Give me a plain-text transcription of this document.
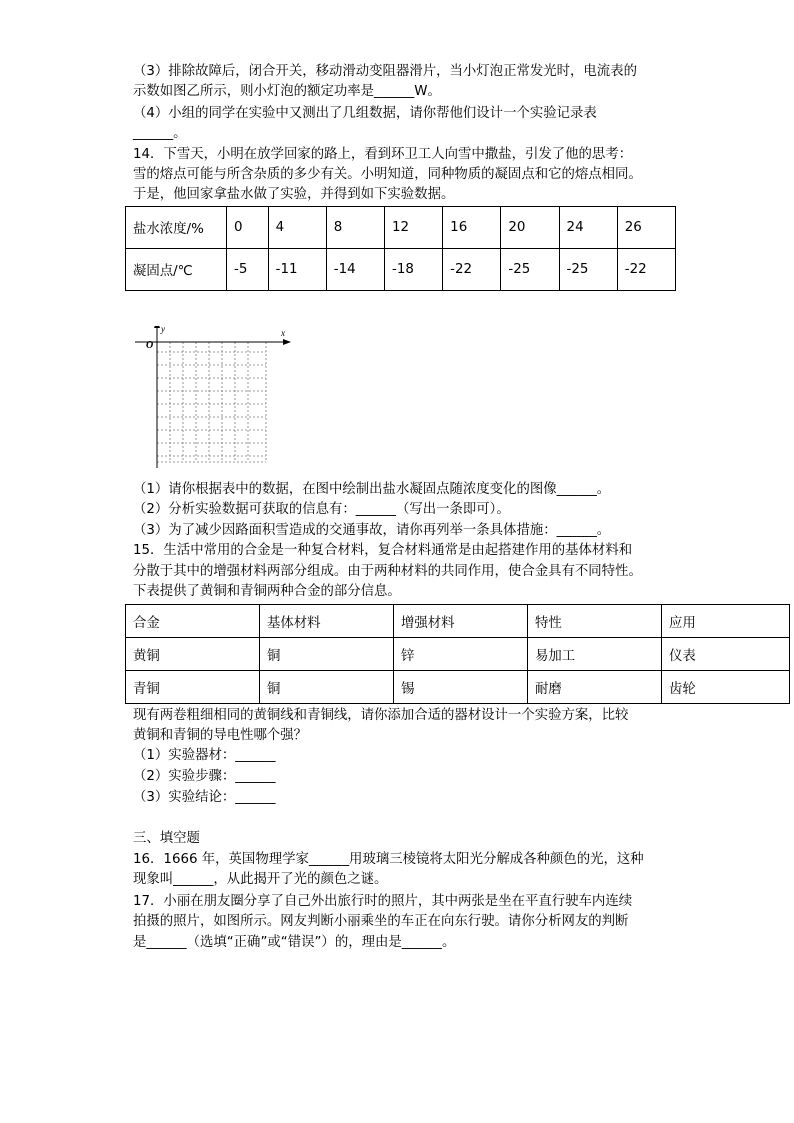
（3）排除故障后，闭合开关，移动滑动变阻器滑片，当小灯泡正常发光时，电流表的
示数如图乙所示，则小灯泡的额定功率是______W。
（4）小组的同学在实验中又测出了几组数据，请你帮他们设计一个实验记录表
______。
14．下雪天，小明在放学回家的路上，看到环卫工人向雪中撒盐，引发了他的思考：
雪的熔点可能与所含杂质的多少有关。小明知道，同种物质的凝固点和它的熔点相同。
于是，他回家拿盐水做了实验，并得到如下实验数据。
盐水浓度/%	0	4	8	12	16	20	24	26
凝固点/℃	-5	-11	-14	-18	-22	-25	-25	-22
x
y
O
（1）请你根据表中的数据，在图中绘制出盐水凝固点随浓度变化的图像______。
（2）分析实验数据可获取的信息有：______（写出一条即可）。
（3）为了减少因路面积雪造成的交通事故，请你再列举一条具体措施：______。
15．生活中常用的合金是一种复合材料，复合材料通常是由起搭建作用的基体材料和
分散于其中的增强材料两部分组成。由于两种材料的共同作用，使合金具有不同特性。
下表提供了黄铜和青铜两种合金的部分信息。
合金	基体材料	增强材料	特性	应用
黄铜	铜	锌	易加工	仪表
青铜	铜	锡	耐磨	齿轮
现有两卷粗细相同的黄铜线和青铜线，请你添加合适的器材设计一个实验方案，比较
黄铜和青铜的导电性哪个强？
（1）实验器材：______
（2）实验步骤：______
（3）实验结论：______
三、填空题
16．1666 年，英国物理学家______用玻璃三棱镜将太阳光分解成各种颜色的光，这种
现象叫______，从此揭开了光的颜色之谜。
17．小丽在朋友圈分享了自己外出旅行时的照片，其中两张是坐在平直行驶车内连续
拍摄的照片，如图所示。网友判断小丽乘坐的车正在向东行驶。请你分析网友的判断
是______（选填“正确”或“错误”）的，理由是______。
